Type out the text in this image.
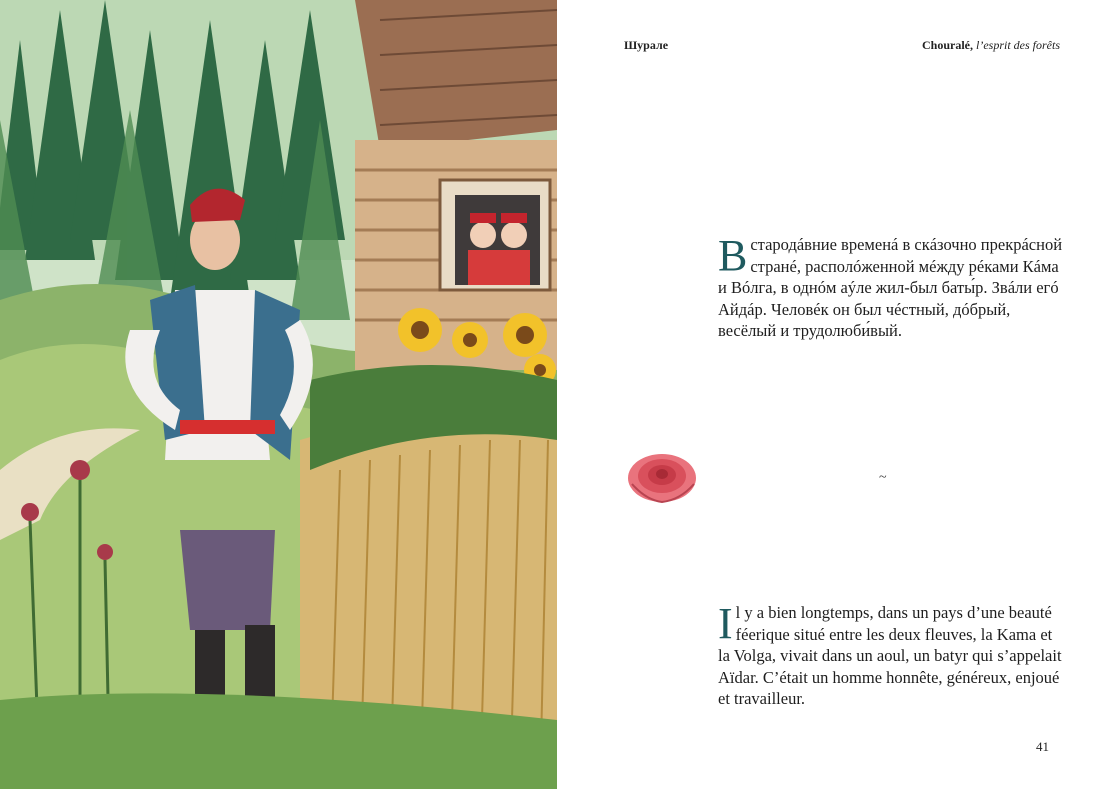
Шурале	Chouralé, l’esprit des forêts
Встародáвние временá в скáзочно прекрáсной странé, располóженной мéжду рéками Кáма и Вóлга, в однóм аýле жил-был баты́р. Звáли егó Айдáр. Человéк он был чéстный, дóбрый, весёлый и трудолюби́вый.
~
Il y a bien longtemps, dans un pays d’une beauté féerique situé entre les deux fleuves, la Kama et la Volga, vivait dans un aoul, un batyr qui s’appelait Aïdar. C’était un homme honnête, généreux, enjoué et travailleur.
41
